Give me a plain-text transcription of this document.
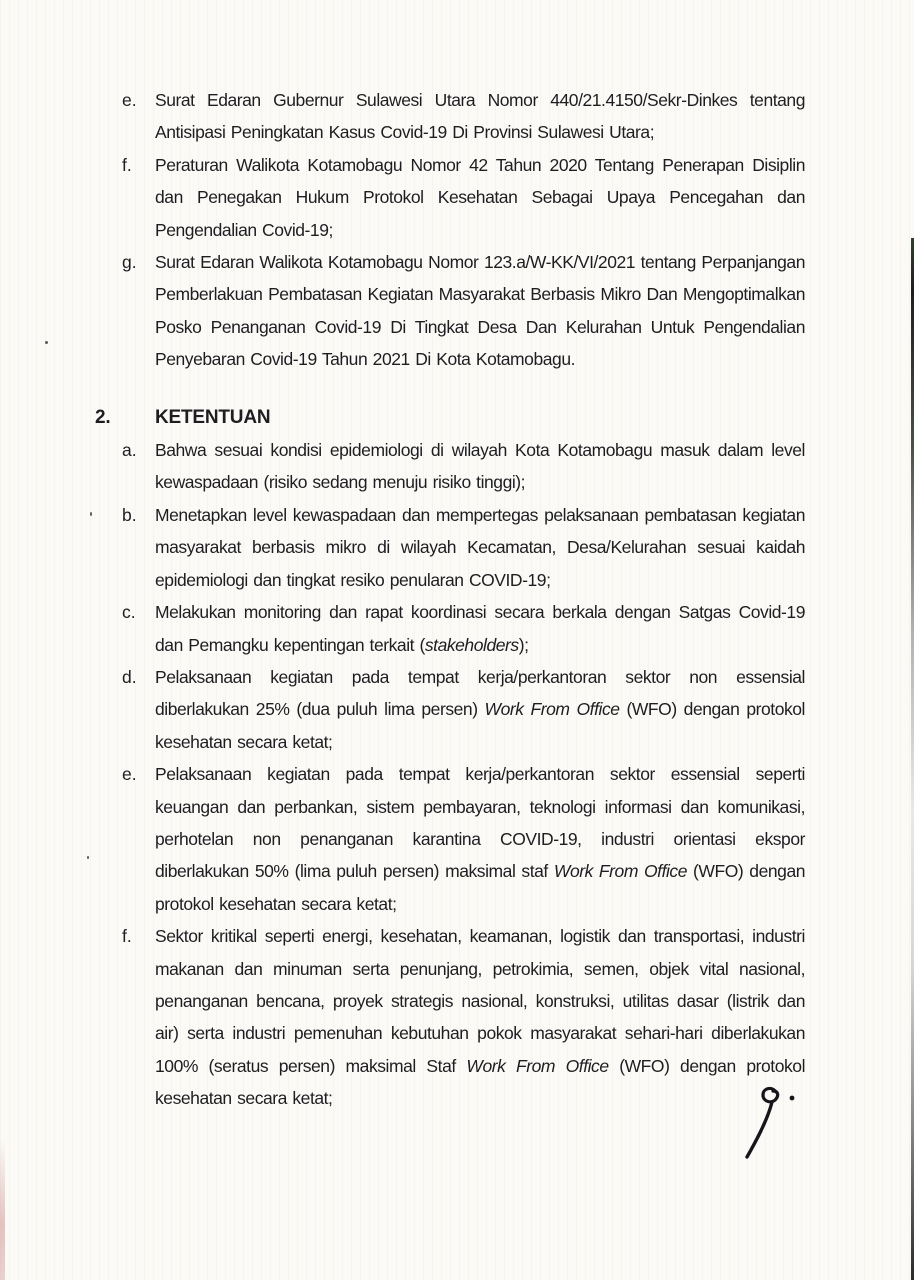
e.	Surat Edaran Gubernur Sulawesi Utara Nomor 440/21.4150/Sekr-Dinkes tentang Antisipasi Peningkatan Kasus Covid-19 Di Provinsi Sulawesi Utara;
f.	Peraturan Walikota Kotamobagu Nomor 42 Tahun 2020 Tentang Penerapan Disiplin dan Penegakan Hukum Protokol Kesehatan Sebagai Upaya Pencegahan dan Pengendalian Covid-19;
g.	Surat Edaran Walikota Kotamobagu Nomor 123.a/W-KK/VI/2021 tentang Perpanjangan Pemberlakuan Pembatasan Kegiatan Masyarakat Berbasis Mikro Dan Mengoptimalkan Posko Penanganan Covid-19 Di Tingkat Desa Dan Kelurahan Untuk Pengendalian Penyebaran Covid-19 Tahun 2021 Di Kota Kotamobagu.
2.	KETENTUAN
a.	Bahwa sesuai kondisi epidemiologi di wilayah Kota Kotamobagu masuk dalam level kewaspadaan (risiko sedang menuju risiko tinggi);
b.	Menetapkan level kewaspadaan dan mempertegas pelaksanaan pembatasan kegiatan masyarakat berbasis mikro di wilayah Kecamatan, Desa/Kelurahan sesuai kaidah epidemiologi dan tingkat resiko penularan COVID-19;
c.	Melakukan monitoring dan rapat koordinasi secara berkala dengan Satgas Covid-19 dan Pemangku kepentingan terkait (stakeholders);
d.	Pelaksanaan kegiatan pada tempat kerja/perkantoran sektor non essensial diberlakukan 25% (dua puluh lima persen) Work From Office (WFO) dengan protokol kesehatan secara ketat;
e.	Pelaksanaan kegiatan pada tempat kerja/perkantoran sektor essensial seperti keuangan dan perbankan, sistem pembayaran, teknologi informasi dan komunikasi, perhotelan non penanganan karantina COVID-19, industri orientasi ekspor diberlakukan 50% (lima puluh persen) maksimal staf Work From Office (WFO) dengan protokol kesehatan secara ketat;
f.	Sektor kritikal seperti energi, kesehatan, keamanan, logistik dan transportasi, industri makanan dan minuman serta penunjang, petrokimia, semen, objek vital nasional, penanganan bencana, proyek strategis nasional, konstruksi, utilitas dasar (listrik dan air) serta industri pemenuhan kebutuhan pokok masyarakat sehari-hari diberlakukan 100% (seratus persen) maksimal Staf Work From Office (WFO) dengan protokol kesehatan secara ketat;
